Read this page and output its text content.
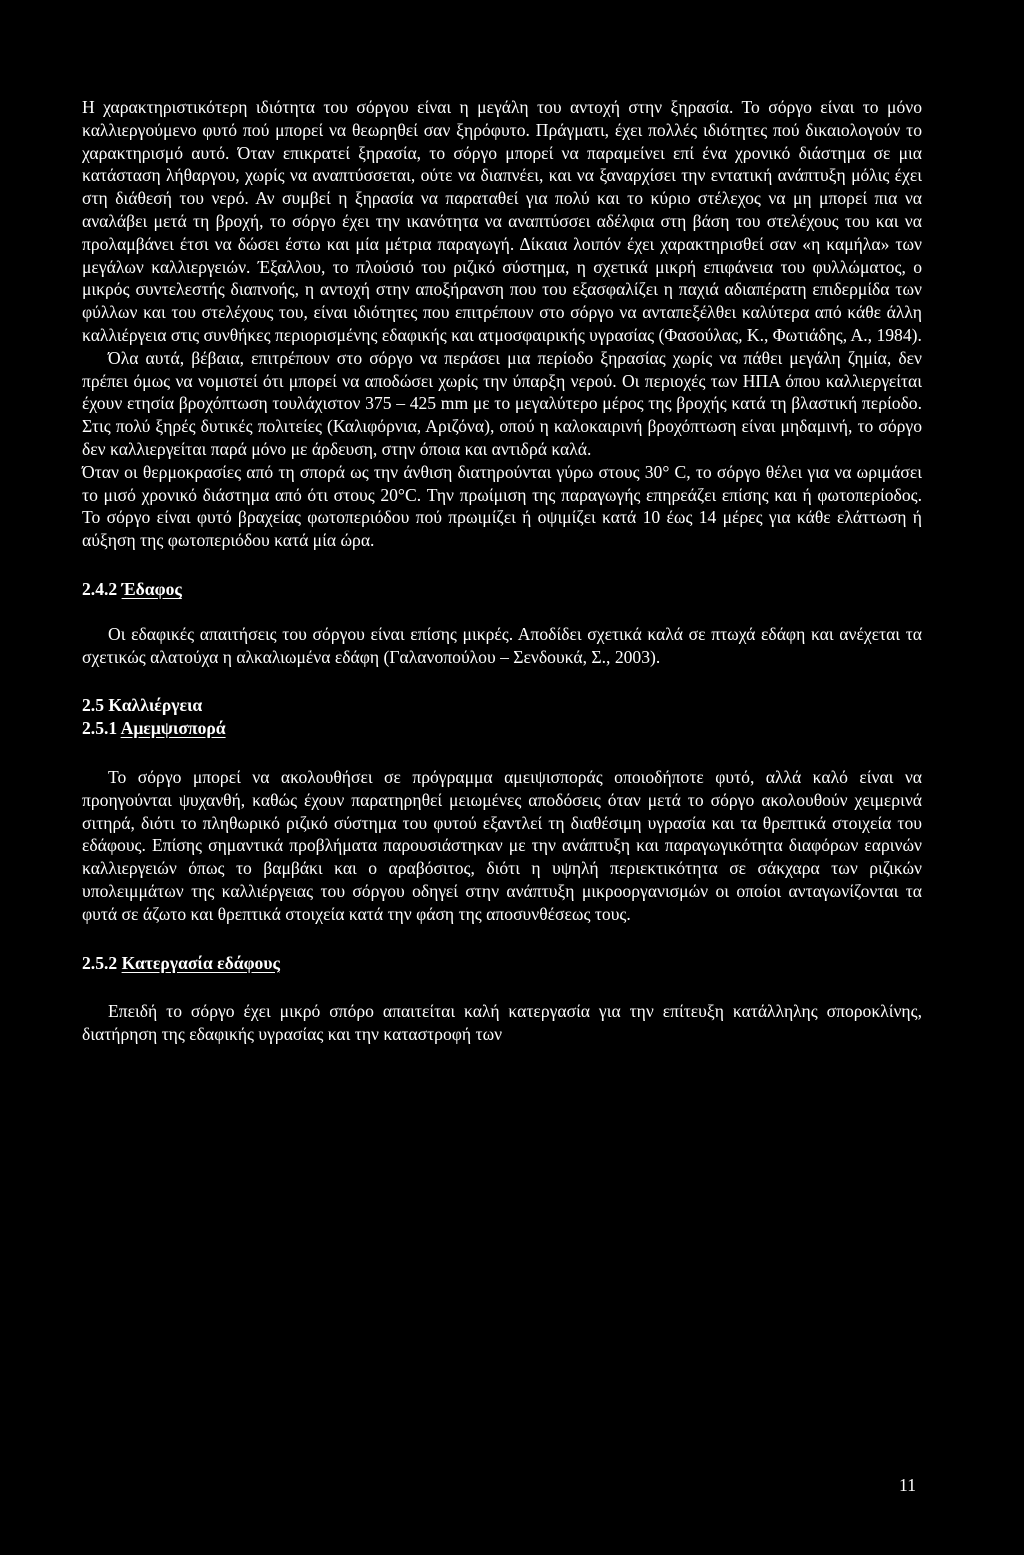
Η χαρακτηριστικότερη ιδιότητα του σόργου είναι η μεγάλη του αντοχή στην ξηρασία. Το σόργο είναι το μόνο καλλιεργούμενο φυτό πού μπορεί να θεωρηθεί σαν ξηρόφυτο. Πράγματι, έχει πολλές ιδιότητες πού δικαιολογούν το χαρακτηρισμό αυτό. Όταν επικρατεί ξηρασία, το σόργο μπορεί να παραμείνει επί ένα χρονικό διάστημα σε μια κατάσταση λήθαργου, χωρίς να αναπτύσσεται, ούτε να διαπνέει, και να ξαναρχίσει την εντατική ανάπτυξη μόλις έχει στη διάθεσή του νερό. Αν συμβεί η ξηρασία να παραταθεί για πολύ και το κύριο στέλεχος να μη μπορεί πια να αναλάβει μετά τη βροχή, το σόργο έχει την ικανότητα να αναπτύσσει αδέλφια στη βάση του στελέχους του και να προλαμβάνει έτσι να δώσει έστω και μία μέτρια παραγωγή. Δίκαια λοιπόν έχει χαρακτηρισθεί σαν «η καμήλα» των μεγάλων καλλιεργειών. Έξαλλου, το πλούσιό του ριζικό σύστημα, η σχετικά μικρή επιφάνεια του φυλλώματος, ο μικρός συντελεστής διαπνοής, η αντοχή στην αποξήρανση που του εξασφαλίζει η παχιά αδιαπέρατη επιδερμίδα των φύλλων και του στελέχους του, είναι ιδιότητες που επιτρέπουν στο σόργο να ανταπεξέλθει καλύτερα από κάθε άλλη καλλιέργεια στις συνθήκες περιορισμένης εδαφικής και ατμοσφαιρικής υγρασίας (Φασούλας, Κ., Φωτιάδης, Α., 1984).

Όλα αυτά, βέβαια, επιτρέπουν στο σόργο να περάσει μια περίοδο ξηρασίας χωρίς να πάθει μεγάλη ζημία, δεν πρέπει όμως να νομιστεί ότι μπορεί να αποδώσει χωρίς την ύπαρξη νερού. Οι περιοχές των ΗΠΑ όπου καλλιεργείται έχουν ετησία βροχόπτωση τουλάχιστον 375 – 425 mm με το μεγαλύτερο μέρος της βροχής κατά τη βλαστική περίοδο. Στις πολύ ξηρές δυτικές πολιτείες (Καλιφόρνια, Αριζόνα), οπού η καλοκαιρινή βροχόπτωση είναι μηδαμινή, το σόργο δεν καλλιεργείται παρά μόνο με άρδευση, στην όποια και αντιδρά καλά.

Όταν οι θερμοκρασίες από τη σπορά ως την άνθιση διατηρούνται γύρω στους 30° C, το σόργο θέλει για να ωριμάσει το μισό χρονικό διάστημα από ότι στους 20°C. Την πρωίμιση της παραγωγής επηρεάζει επίσης και ή φωτοπερίοδος. Το σόργο είναι φυτό βραχείας φωτοπεριόδου πού πρωιμίζει ή οψιμίζει κατά 10 έως 14 μέρες για κάθε ελάττωση ή αύξηση της φωτοπεριόδου κατά μία ώρα.

2.4.2 Έδαφος

Οι εδαφικές απαιτήσεις του σόργου είναι επίσης μικρές. Αποδίδει σχετικά καλά σε πτωχά εδάφη και ανέχεται τα σχετικώς αλατούχα η αλκαλιωμένα εδάφη (Γαλανοπούλου – Σενδουκά, Σ., 2003).

2.5 Καλλιέργεια

2.5.1 Αμεμψισπορά

Το σόργο μπορεί να ακολουθήσει σε πρόγραμμα αμειψισποράς οποιοδήποτε φυτό, αλλά καλό είναι να προηγούνται ψυχανθή, καθώς έχουν παρατηρηθεί μειωμένες αποδόσεις όταν μετά το σόργο ακολουθούν χειμερινά σιτηρά, διότι το πληθωρικό ριζικό σύστημα του φυτού εξαντλεί τη διαθέσιμη υγρασία και τα θρεπτικά στοιχεία του εδάφους. Επίσης σημαντικά προβλήματα παρουσιάστηκαν με την ανάπτυξη και παραγωγικότητα διαφόρων εαρινών καλλιεργειών όπως το βαμβάκι και ο αραβόσιτος, διότι η υψηλή περιεκτικότητα σε σάκχαρα των ριζικών υπολειμμάτων της καλλιέργειας του σόργου οδηγεί στην ανάπτυξη μικροοργανισμών οι οποίοι ανταγωνίζονται τα φυτά σε άζωτο και θρεπτικά στοιχεία κατά την φάση της αποσυνθέσεως τους.

2.5.2 Κατεργασία εδάφους

Επειδή το σόργο έχει μικρό σπόρο απαιτείται καλή κατεργασία για την επίτευξη κατάλληλης σποροκλίνης, διατήρηση της εδαφικής υγρασίας και την καταστροφή των

11
